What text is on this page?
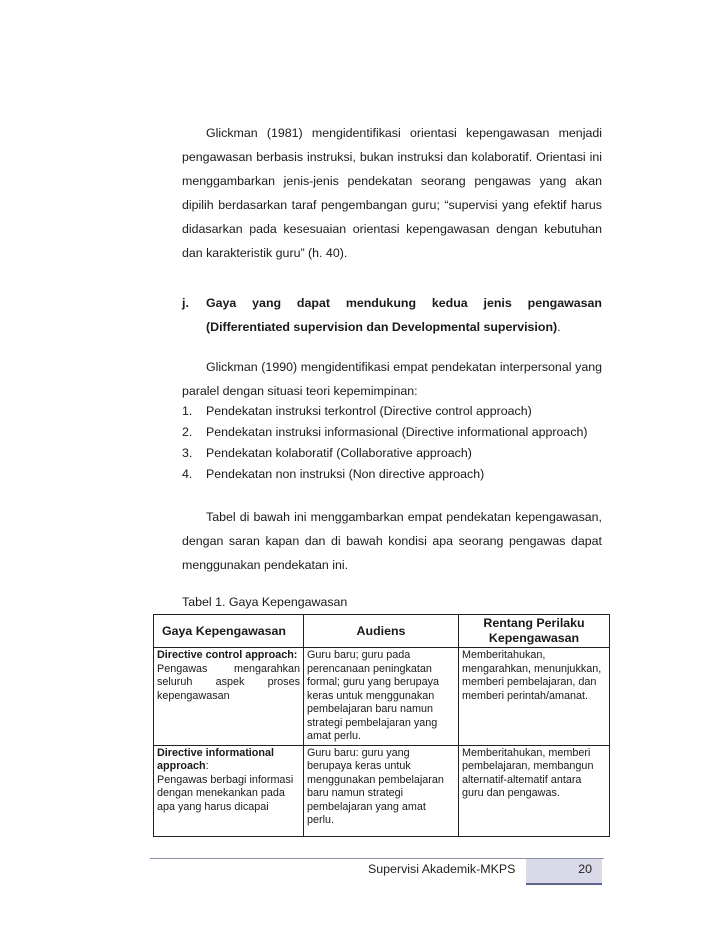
Glickman (1981) mengidentifikasi orientasi kepengawasan menjadi
pengawasan berbasis instruksi, bukan instruksi dan kolaboratif. Orientasi ini menggambarkan jenis-jenis pendekatan seorang pengawas yang akan dipilih berdasarkan taraf pengembangan guru; “supervisi yang efektif harus didasarkan pada kesesuaian orientasi kepengawasan dengan kebutuhan dan karakteristik guru” (h. 40).
j. Gaya yang dapat mendukung kedua jenis pengawasan
(Differentiated supervision dan Developmental supervision).
Glickman (1990) mengidentifikasi empat pendekatan interpersonal yang
paralel dengan situasi teori kepemimpinan:
1.	Pendekatan instruksi terkontrol (Directive control approach)
2.	Pendekatan instruksi informasional (Directive informational approach)
3.	Pendekatan kolaboratif (Collaborative approach)
4.	Pendekatan non instruksi (Non directive approach)
Tabel di bawah ini menggambarkan empat pendekatan kepengawasan,
dengan saran kapan dan di bawah kondisi apa seorang pengawas dapat menggunakan pendekatan ini.
Tabel 1. Gaya Kepengawasan
Gaya Kepengawasan	Audiens	Rentang Perilaku Kepengawasan

Directive control approach:
Pengawas mengarahkan seluruh aspek proses kepengawasan	Guru baru; guru pada perencanaan peningkatan formal; guru yang berupaya keras untuk menggunakan pembelajaran baru namun strategi pembelajaran yang amat perlu.	Memberitahukan, mengarahkan, menunjukkan, memberi pembelajaran, dan memberi perintah/amanat.

Directive informational approach:
Pengawas berbagi informasi dengan menekankan pada apa yang harus dicapai	Guru baru: guru yang berupaya keras untuk menggunakan pembelajaran baru namun strategi pembelajaran yang amat perlu.	Memberitahukan, memberi pembelajaran, membangun alternatif-altematif antara guru dan pengawas.
Supervisi Akademik-MKPS	20
